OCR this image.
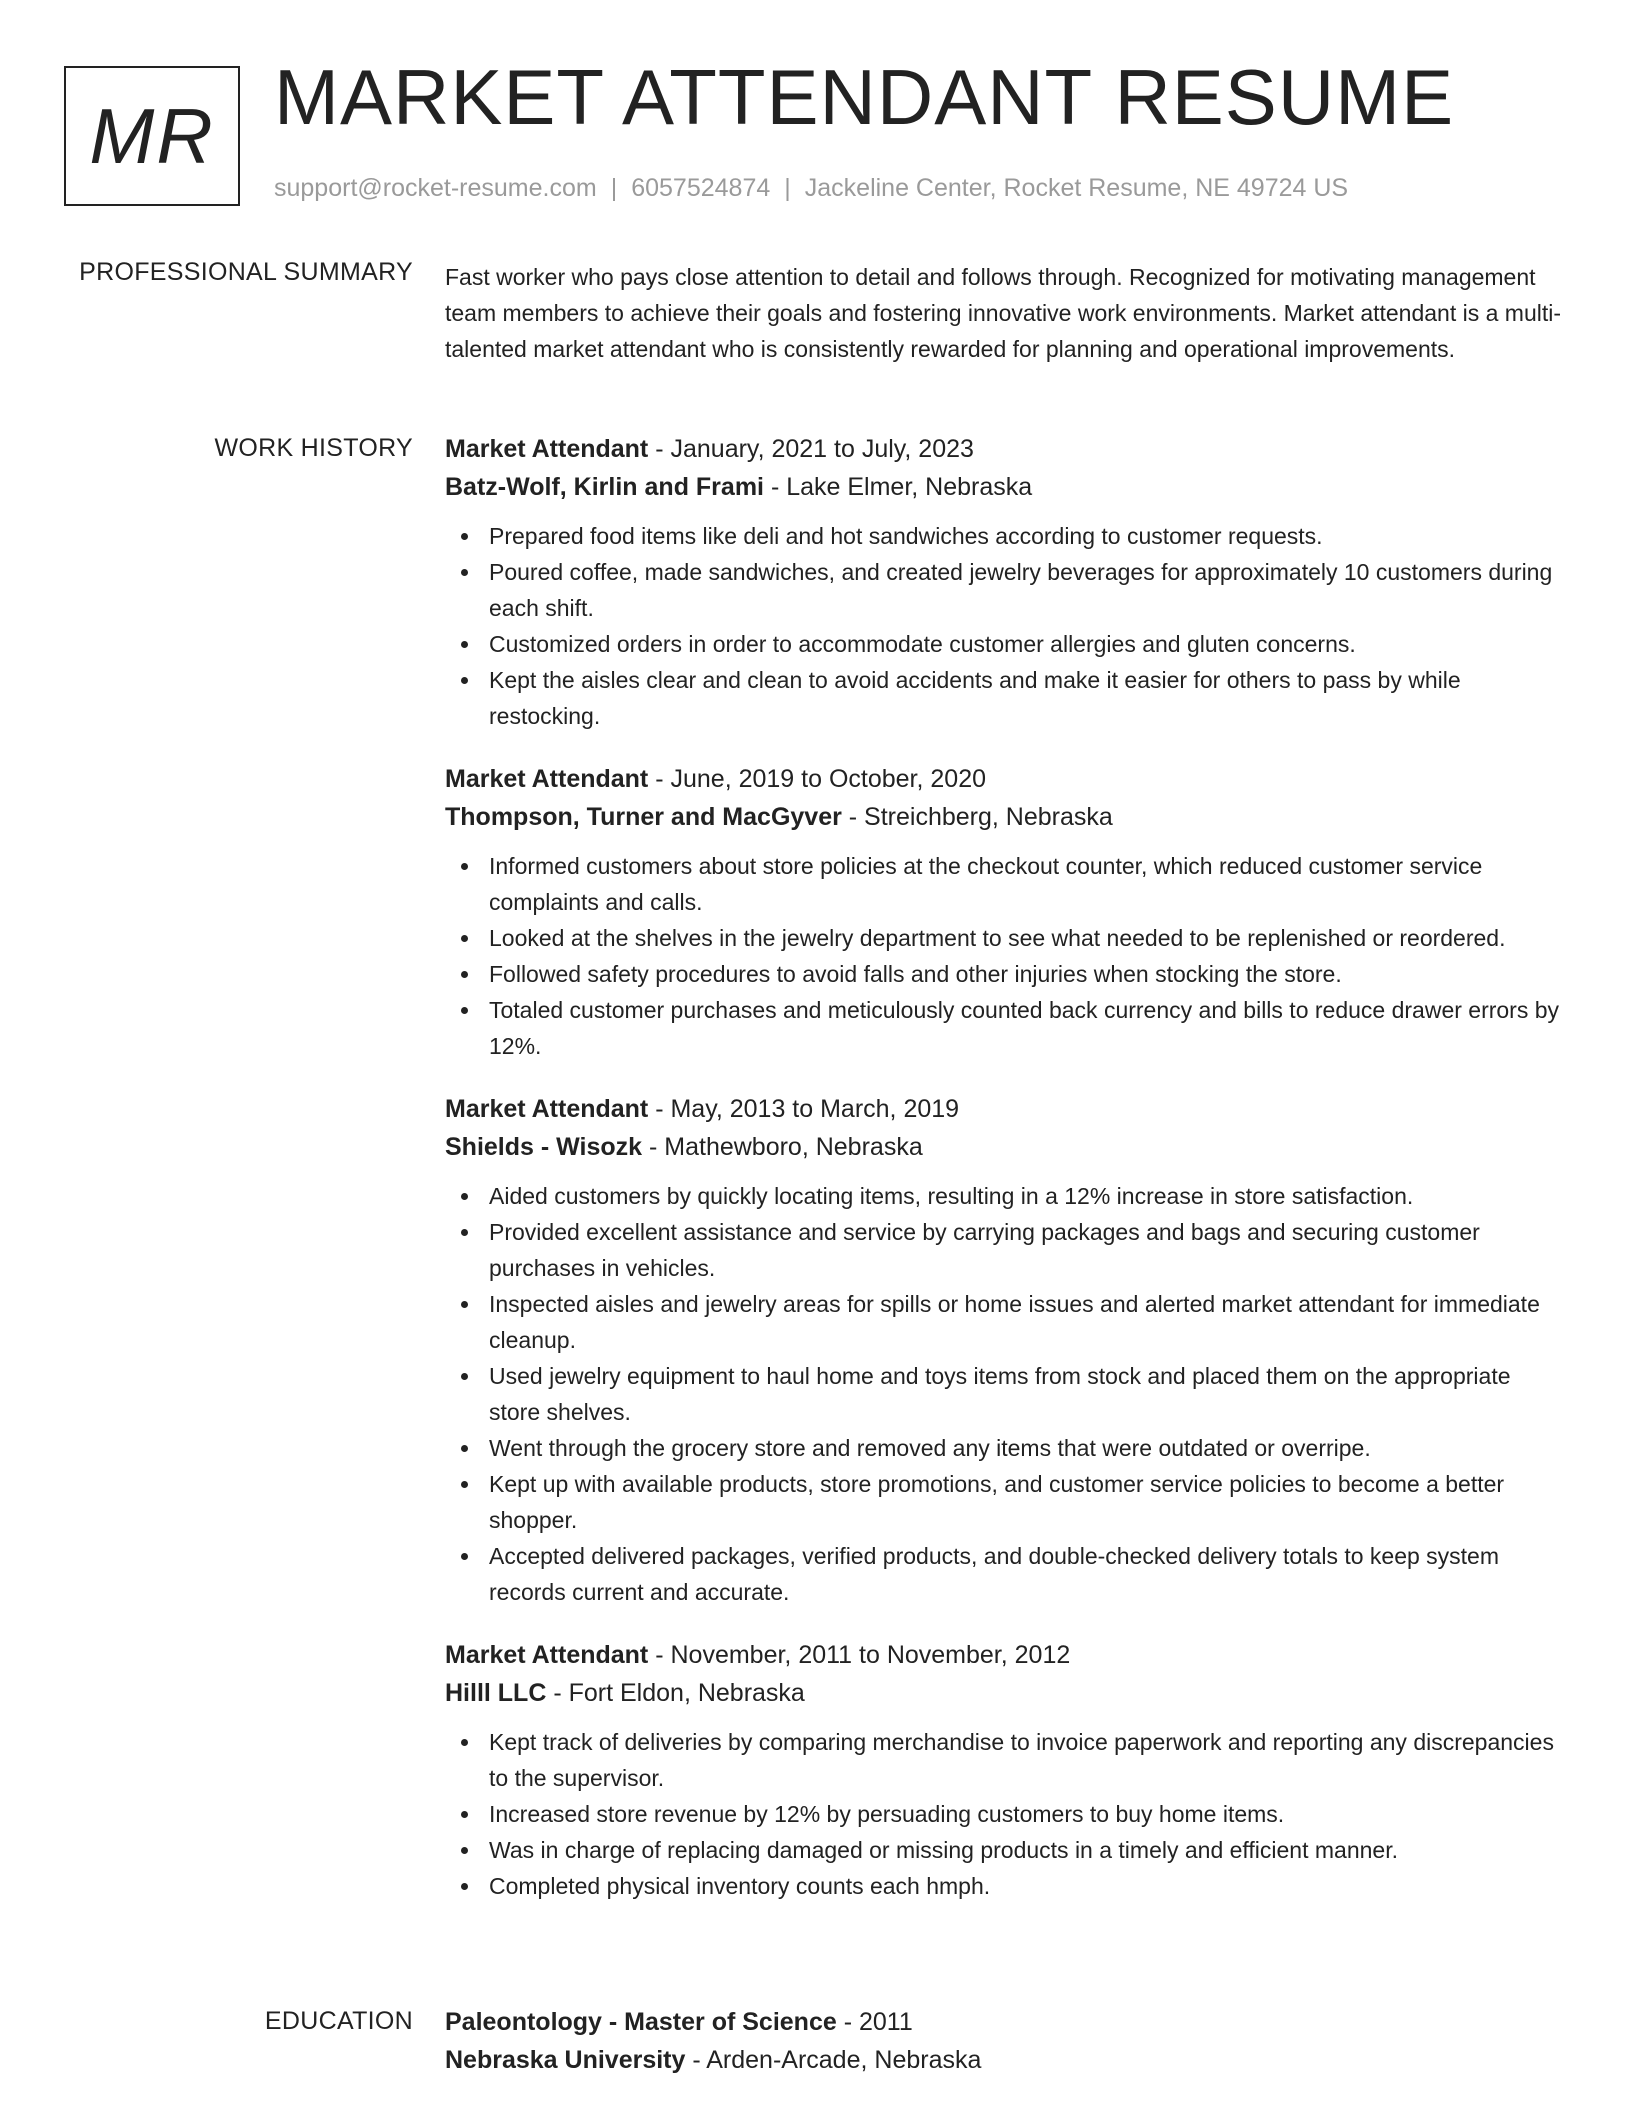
MR MARKET ATTENDANT RESUME
support@rocket-resume.com | 6057524874 | Jackeline Center, Rocket Resume, NE 49724 US
PROFESSIONAL SUMMARY Fast worker who pays close attention to detail and follows through. Recognized for motivating management team members to achieve their goals and fostering innovative work environments. Market attendant is a multi-talented market attendant who is consistently rewarded for planning and operational improvements.

WORK HISTORY Market Attendant - January, 2021 to July, 2023
Batz-Wolf, Kirlin and Frami - Lake Elmer, Nebraska
Prepared food items like deli and hot sandwiches according to customer requests.
Poured coffee, made sandwiches, and created jewelry beverages for approximately 10 customers during each shift.
Customized orders in order to accommodate customer allergies and gluten concerns.
Kept the aisles clear and clean to avoid accidents and make it easier for others to pass by while restocking.
Market Attendant - June, 2019 to October, 2020
Thompson, Turner and MacGyver - Streichberg, Nebraska
Informed customers about store policies at the checkout counter, which reduced customer service complaints and calls.
Looked at the shelves in the jewelry department to see what needed to be replenished or reordered.
Followed safety procedures to avoid falls and other injuries when stocking the store.
Totaled customer purchases and meticulously counted back currency and bills to reduce drawer errors by 12%.
Market Attendant - May, 2013 to March, 2019
Shields - Wisozk - Mathewboro, Nebraska
Aided customers by quickly locating items, resulting in a 12% increase in store satisfaction.
Provided excellent assistance and service by carrying packages and bags and securing customer purchases in vehicles.
Inspected aisles and jewelry areas for spills or home issues and alerted market attendant for immediate cleanup.
Used jewelry equipment to haul home and toys items from stock and placed them on the appropriate store shelves.
Went through the grocery store and removed any items that were outdated or overripe.
Kept up with available products, store promotions, and customer service policies to become a better shopper.
Accepted delivered packages, verified products, and double-checked delivery totals to keep system records current and accurate.
Market Attendant - November, 2011 to November, 2012
Hilll LLC - Fort Eldon, Nebraska
Kept track of deliveries by comparing merchandise to invoice paperwork and reporting any discrepancies to the supervisor.
Increased store revenue by 12% by persuading customers to buy home items.
Was in charge of replacing damaged or missing products in a timely and efficient manner.
Completed physical inventory counts each hmph.
EDUCATION Paleontology - Master of Science - 2011
Nebraska University - Arden-Arcade, Nebraska
